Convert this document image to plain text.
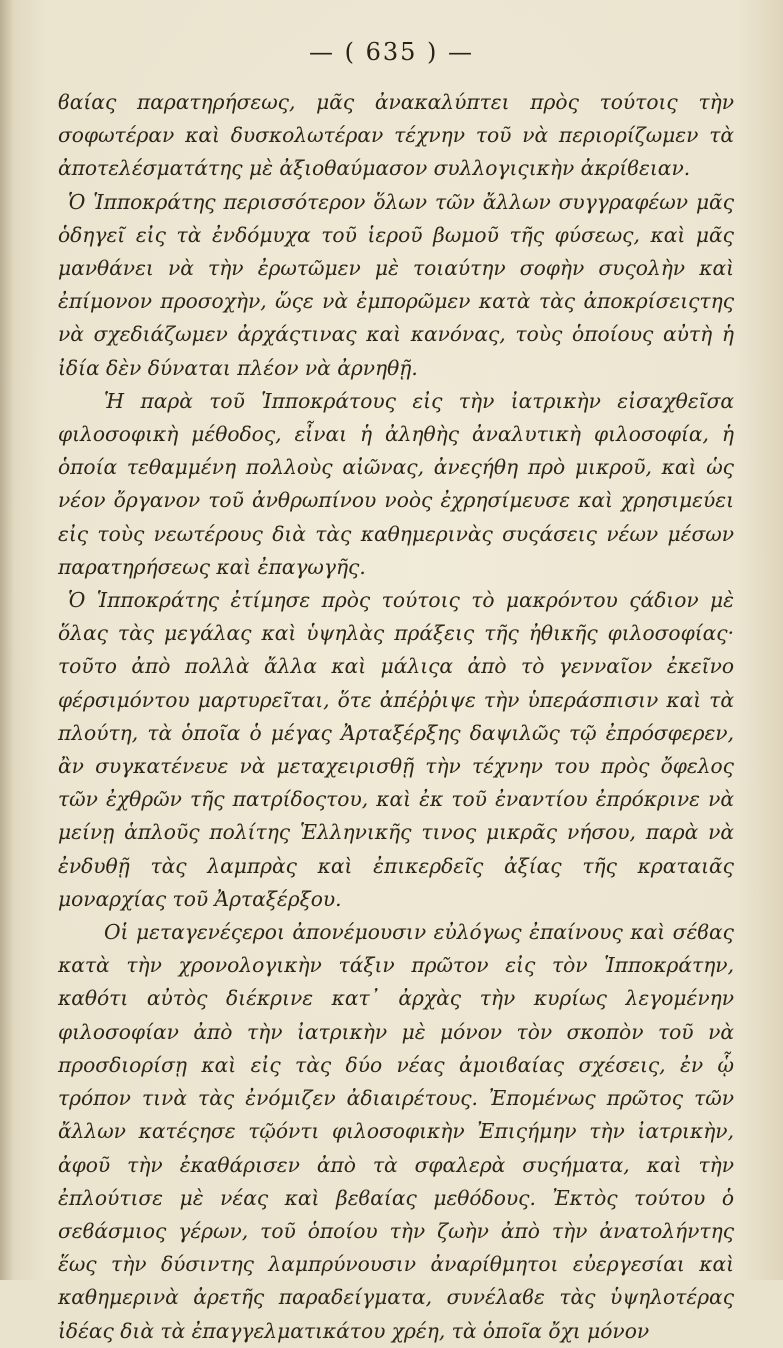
— ( 635 ) —

ϐαίας παρατηρήσεως, μᾶς ἀνακαλύπτει πρὸς τούτοις τὴν σοφωτέραν καὶ δυσκολωτέραν τέχνην τοῦ νὰ περιορίζωμεν τὰ ἀποτελέσματάτης μὲ ἀξιοθαύμασον συλλογιςικὴν ἀκρίϐειαν.

Ὁ Ἱπποκράτης περισσότερον ὅλων τῶν ἄλλων συγγραφέων μᾶς ὁδηγεῖ εἰς τὰ ἐνδόμυχα τοῦ ἱεροῦ βωμοῦ τῆς φύσεως, καὶ μᾶς μανθάνει νὰ τὴν ἐρωτῶμεν μὲ τοιαύτην σοφὴν συςολὴν καὶ ἐπίμονον προσοχὴν, ὥςε νὰ ἐμπορῶμεν κατὰ τὰς ἀποκρίσειςτης νὰ σχεδιάζωμεν ἀρχάςτινας καὶ κανόνας, τοὺς ὁποίους αὐτὴ ἡ ἰδία δὲν δύναται πλέον νὰ ἀρνηθῇ.

Ἡ παρὰ τοῦ Ἱπποκράτους εἰς τὴν ἰατρικὴν εἰσαχθεῖσα φιλοσοφικὴ μέθοδος, εἶναι ἡ ἀληθὴς ἀναλυτικὴ φιλοσοφία, ἡ ὁποία τεθαμμένη πολλοὺς αἰῶνας, ἀνεςήθη πρὸ μικροῦ, καὶ ὡς νέον ὄργανον τοῦ ἀνθρωπίνου νοὸς ἐχρησίμευσε καὶ χρησιμεύει εἰς τοὺς νεωτέρους διὰ τὰς καθημερινὰς συςάσεις νέων μέσων παρατηρήσεως καὶ ἐπαγωγῆς.

Ὁ Ἱπποκράτης ἐτίμησε πρὸς τούτοις τὸ μακρόντου ςάδιον μὲ ὅλας τὰς μεγάλας καὶ ὑψηλὰς πράξεις τῆς ἠθικῆς φιλοσοφίας· τοῦτο ἀπὸ πολλὰ ἄλλα καὶ μάλιςα ἀπὸ τὸ γενναῖον ἐκεῖνο φέρσιμόντου μαρτυρεῖται, ὅτε ἀπέῤῥιψε τὴν ὑπεράσπισιν καὶ τὰ πλούτη, τὰ ὁποῖα ὁ μέγας Ἀρταξέρξης δαψιλῶς τῷ ἐπρόσφερεν, ἂν συγκατένευε νὰ μεταχειρισθῇ τὴν τέχνην του πρὸς ὄφελος τῶν ἐχθρῶν τῆς πατρίδοςτου, καὶ ἐκ τοῦ ἐναντίου ἐπρόκρινε νὰ μείνῃ ἁπλοῦς πολίτης Ἑλληνικῆς τινος μικρᾶς νήσου, παρὰ νὰ ἐνδυθῇ τὰς λαμπρὰς καὶ ἐπικερδεῖς ἀξίας τῆς κραταιᾶς μοναρχίας τοῦ Ἀρταξέρξου.

Οἱ μεταγενέςεροι ἀπονέμουσιν εὐλόγως ἐπαίνους καὶ σέϐας κατὰ τὴν χρονολογικὴν τάξιν πρῶτον εἰς τὸν Ἱπποκράτην, καθότι αὐτὸς διέκρινε κατ᾽ ἀρχὰς τὴν κυρίως λεγομένην φιλοσοφίαν ἀπὸ τὴν ἰατρικὴν μὲ μόνον τὸν σκοπὸν τοῦ νὰ προσδιορίσῃ καὶ εἰς τὰς δύο νέας ἀμοιϐαίας σχέσεις, ἐν ᾧ τρόπον τινὰ τὰς ἐνόμιζεν ἀδιαιρέτους. Ἐπομένως πρῶτος τῶν ἄλλων κατέςησε τῷόντι φιλοσοφικὴν Ἐπιςήμην τὴν ἰατρικὴν, ἀφοῦ τὴν ἐκαθάρισεν ἀπὸ τὰ σφαλερὰ συςήματα, καὶ τὴν ἐπλούτισε μὲ νέας καὶ βεϐαίας μεθόδους. Ἐκτὸς τούτου ὁ σεϐάσμιος γέρων, τοῦ ὁποίου τὴν ζωὴν ἀπὸ τὴν ἀνατολήντης ἕως τὴν δύσιντης λαμπρύνουσιν ἀναρίθμητοι εὐεργεσίαι καὶ καθημερινὰ ἀρετῆς παραδείγματα, συνέλαϐε τὰς ὑψηλοτέρας ἰδέας διὰ τὰ ἐπαγγελματικάτου χρέη, τὰ ὁποῖα ὄχι μόνον
